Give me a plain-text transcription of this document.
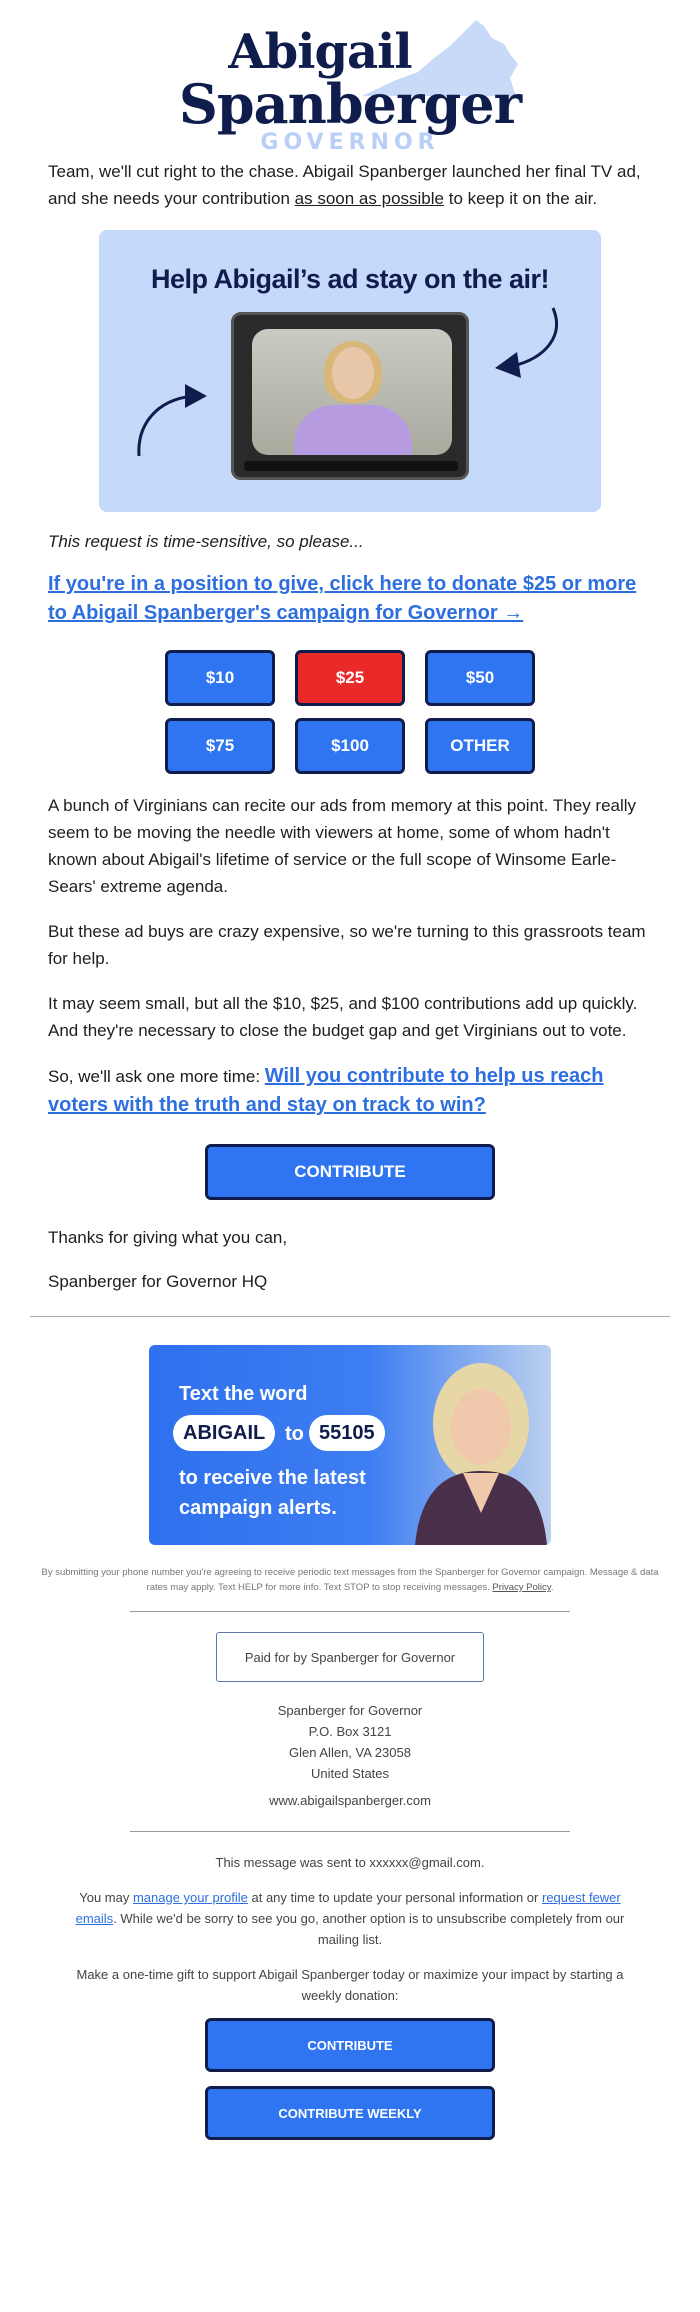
Abigail
Spanberger
GOVERNOR

Team, we'll cut right to the chase. Abigail Spanberger launched her final TV ad, and she needs your contribution as soon as possible to keep it on the air.

Help Abigail’s ad stay on the air!
This request is time-sensitive, so please...
If you're in a position to give, click here to donate $25 or more to Abigail Spanberger's campaign for Governor →
$10	$25	$50
$75	$100	OTHER

A bunch of Virginians can recite our ads from memory at this point. They really seem to be moving the needle with viewers at home, some of whom hadn't known about Abigail's lifetime of service or the full scope of Winsome Earle-Sears' extreme agenda.

But these ad buys are crazy expensive, so we're turning to this grassroots team for help.

It may seem small, but all the $10, $25, and $100 contributions add up quickly. And they're necessary to close the budget gap and get Virginians out to vote.

So, we'll ask one more time: Will you contribute to help us reach voters with the truth and stay on track to win?

CONTRIBUTE

Thanks for giving what you can,

Spanberger for Governor HQ

Text the word
ABIGAIL to 55105
to receive the latest campaign alerts.

By submitting your phone number you're agreeing to receive periodic text messages from the Spanberger for Governor campaign. Message & data rates may apply. Text HELP for more info. Text STOP to stop receiving messages. Privacy Policy.

Paid for by Spanberger for Governor
Spanberger for Governor
P.O. Box 3121
Glen Allen, VA 23058
United States
www.abigailspanberger.com

This message was sent to xxxxxx@gmail.com.

You may manage your profile at any time to update your personal information or request fewer emails. While we'd be sorry to see you go, another option is to unsubscribe completely from our mailing list.

Make a one-time gift to support Abigail Spanberger today or maximize your impact by starting a weekly donation:

CONTRIBUTE
CONTRIBUTE WEEKLY
